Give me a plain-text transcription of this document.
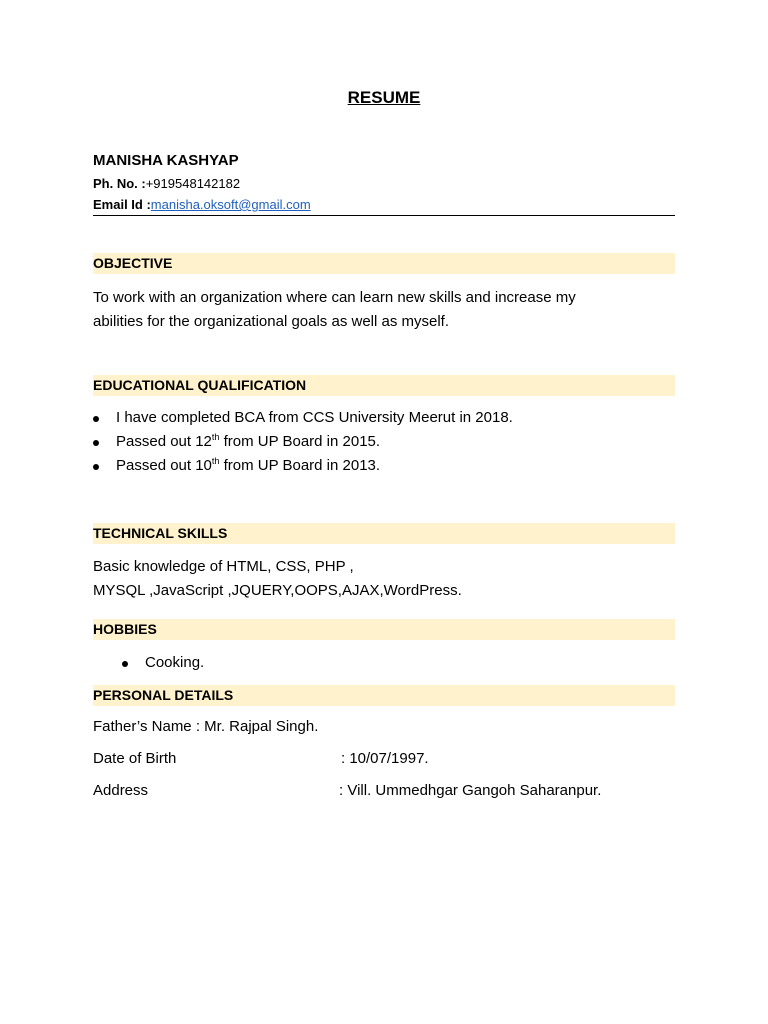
RESUME
MANISHA KASHYAP
Ph. No. :+919548142182
Email Id :manisha.oksoft@gmail.com
OBJECTIVE
To work with an organization where can learn new skills and increase my
abilities for the organizational goals as well as myself.
EDUCATIONAL QUALIFICATION
I have completed BCA from CCS University Meerut in 2018.
Passed out 12th from UP Board in 2015.
Passed out 10th from UP Board in 2013.
TECHNICAL SKILLS
Basic knowledge of HTML, CSS, PHP ,
MYSQL ,JavaScript ,JQUERY,OOPS,AJAX,WordPress.
HOBBIES
Cooking.
PERSONAL DETAILS
Father’s Name : Mr. Rajpal Singh.
Date of Birth	: 10/07/1997.
Address	: Vill. Ummedhgar Gangoh Saharanpur.
